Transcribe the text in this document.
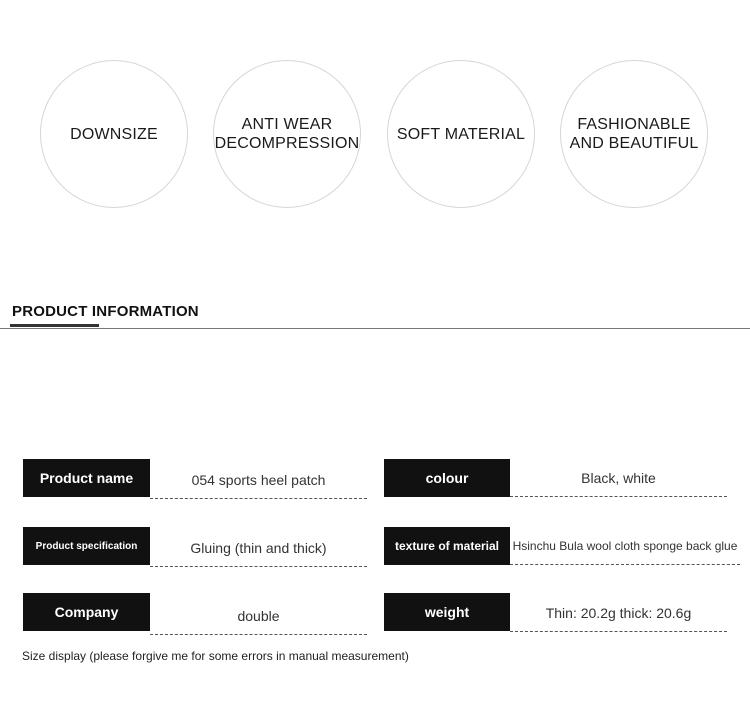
DOWNSIZE
ANTI WEAR
DECOMPRESSION
SOFT MATERIAL
FASHIONABLE
AND BEAUTIFUL
PRODUCT INFORMATION
Product name	054 sports heel patch
Product specification	Gluing (thin and thick)
Company	double
colour	Black, white
texture of material	Hsinchu Bula wool cloth sponge back glue
weight	Thin: 20.2g thick: 20.6g
Size display (please forgive me for some errors in manual measurement)
